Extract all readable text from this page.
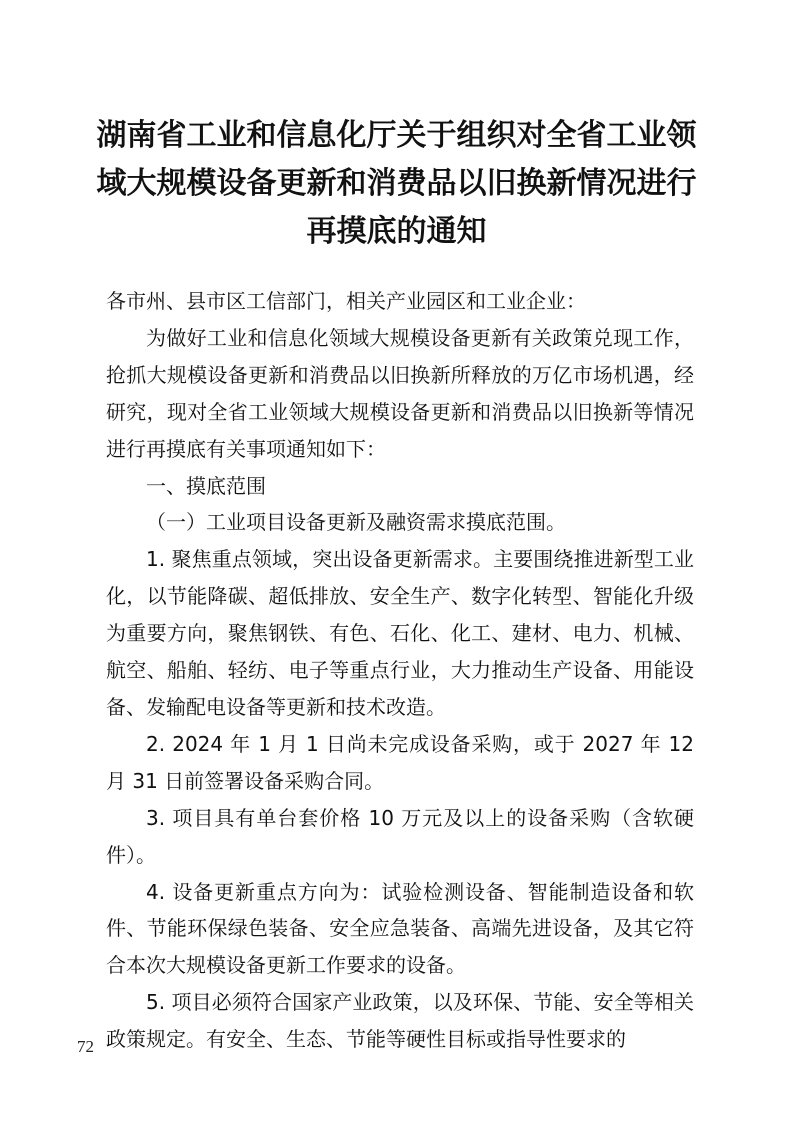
湖南省工业和信息化厅关于组织对全省工业领
域大规模设备更新和消费品以旧换新情况进行
再摸底的通知

各市州、县市区工信部门，相关产业园区和工业企业：

为做好工业和信息化领域大规模设备更新有关政策兑现工作，抢抓大规模设备更新和消费品以旧换新所释放的万亿市场机遇，经研究，现对全省工业领域大规模设备更新和消费品以旧换新等情况进行再摸底有关事项通知如下：

一、摸底范围

（一）工业项目设备更新及融资需求摸底范围。

1. 聚焦重点领域，突出设备更新需求。主要围绕推进新型工业化，以节能降碳、超低排放、安全生产、数字化转型、智能化升级为重要方向，聚焦钢铁、有色、石化、化工、建材、电力、机械、航空、船舶、轻纺、电子等重点行业，大力推动生产设备、用能设备、发输配电设备等更新和技术改造。

2. 2024 年 1 月 1 日尚未完成设备采购，或于 2027 年 12 月 31 日前签署设备采购合同。

3. 项目具有单台套价格 10 万元及以上的设备采购（含软硬件）。

4. 设备更新重点方向为：试验检测设备、智能制造设备和软件、节能环保绿色装备、安全应急装备、高端先进设备，及其它符合本次大规模设备更新工作要求的设备。

5. 项目必须符合国家产业政策，以及环保、节能、安全等相关政策规定。有安全、生态、节能等硬性目标或指导性要求的

72
